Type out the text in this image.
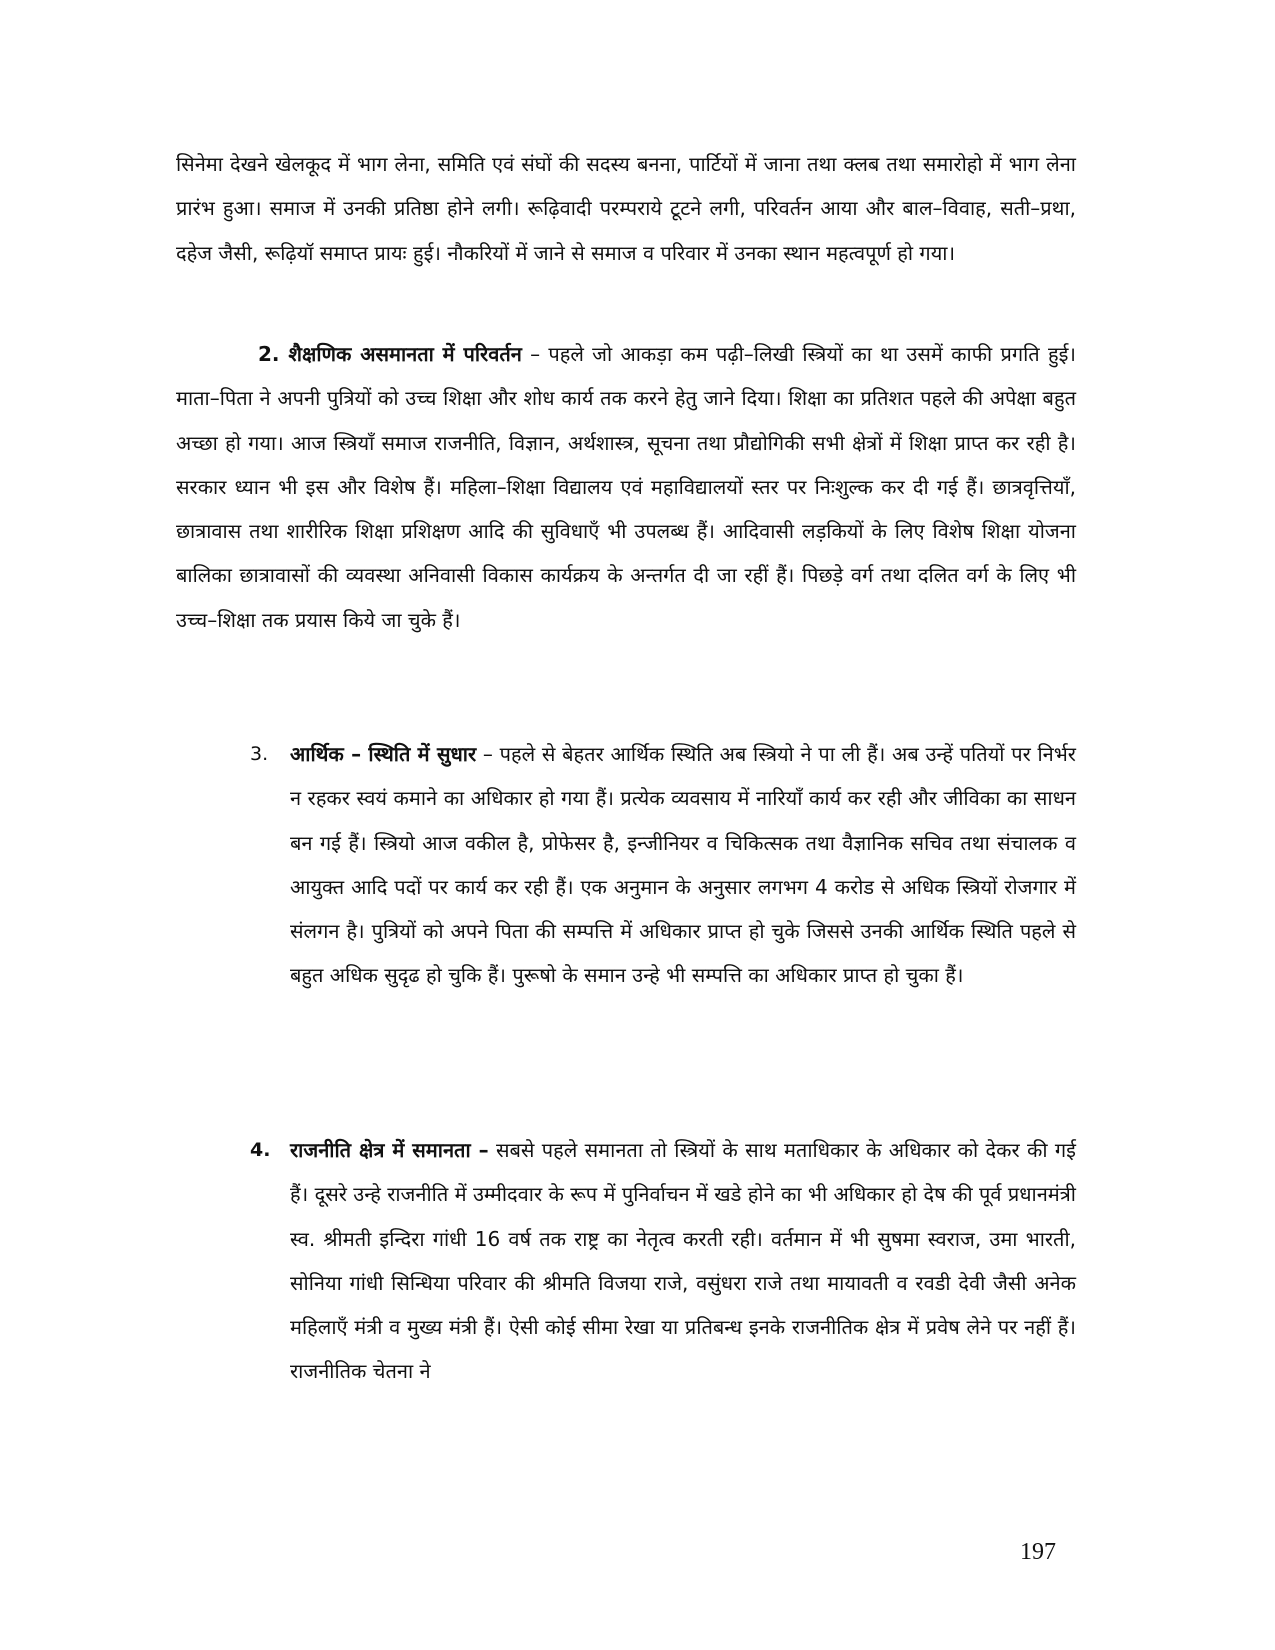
सिनेमा देखने खेलकूद में भाग लेना, समिति एवं संघों की सदस्य बनना, पार्टियों में जाना तथा क्लब तथा समारोहो में भाग लेना प्रारंभ हुआ। समाज में उनकी प्रतिष्ठा होने लगी। रूढ़िवादी परम्पराये टूटने लगी, परिवर्तन आया और बाल–विवाह, सती–प्रथा, दहेज जैसी, रूढ़ियॉ समाप्त प्रायः हुई। नौकरियों में जाने से समाज व परिवार में उनका स्थान महत्वपूर्ण हो गया।

2. शैक्षणिक असमानता में परिवर्तन – पहले जो आकड़ा कम पढ़ी–लिखी स्त्रियों का था उसमें काफी प्रगति हुई। माता–पिता ने अपनी पुत्रियों को उच्च शिक्षा और शोध कार्य तक करने हेतु जाने दिया। शिक्षा का प्रतिशत पहले की अपेक्षा बहुत अच्छा हो गया। आज स्त्रियॉं समाज राजनीति, विज्ञान, अर्थशास्त्र, सूचना तथा प्रौद्योगिकी सभी क्षेत्रों में शिक्षा प्राप्त कर रही है। सरकार ध्यान भी इस और विशेष हैं। महिला–शिक्षा विद्यालय एवं महाविद्यालयों स्तर पर निःशुल्क कर दी गई हैं। छात्रवृत्तियॉं, छात्रावास तथा शारीरिक शिक्षा प्रशिक्षण आदि की सुविधाएँ भी उपलब्ध हैं। आदिवासी लड़कियों के लिए विशेष शिक्षा योजना बालिका छात्रावासों की व्यवस्था अनिवासी विकास कार्यक्रय के अन्तर्गत दी जा रहीं हैं। पिछड़े वर्ग तथा दलित वर्ग के लिए भी उच्च–शिक्षा तक प्रयास किये जा चुके हैं।

3. आर्थिक – स्थिति में सुधार – पहले से बेहतर आर्थिक स्थिति अब स्त्रियो ने पा ली हैं। अब उन्हें पतियों पर निर्भर न रहकर स्वयं कमाने का अधिकार हो गया हैं। प्रत्येक व्यवसाय में नारियॉं कार्य कर रही और जीविका का साधन बन गई हैं। स्त्रियो आज वकील है, प्रोफेसर है, इन्जीनियर व चिकित्सक तथा वैज्ञानिक सचिव तथा संचालक व आयुक्त आदि पदों पर कार्य कर रही हैं। एक अनुमान के अनुसार लगभग 4 करोड से अधिक स्त्रियों रोजगार में संलगन है। पुत्रियों को अपने पिता की सम्पत्ति में अधिकार प्राप्त हो चुके जिससे उनकी आर्थिक स्थिति पहले से बहुत अधिक सुदृढ हो चुकि हैं। पुरूषो के समान उन्हे भी सम्पत्ति का अधिकार प्राप्त हो चुका हैं।

4. राजनीति क्षेत्र में समानता – सबसे पहले समानता तो स्त्रियों के साथ मताधिकार के अधिकार को देकर की गई हैं। दूसरे उन्हे राजनीति में उम्मीदवार के रूप में पुनिर्वाचन में खडे होने का भी अधिकार हो देष की पूर्व प्रधानमंत्री स्व. श्रीमती इन्दिरा गांधी 16 वर्ष तक राष्ट्र का नेतृत्व करती रही। वर्तमान में भी सुषमा स्वराज, उमा भारती, सोनिया गांधी सिन्धिया परिवार की श्रीमति विजया राजे, वसुंधरा राजे तथा मायावती व रवडी देवी जैसी अनेक महिलाऍं मंत्री व मुख्य मंत्री हैं। ऐसी कोई सीमा रेखा या प्रतिबन्ध इनके राजनीतिक क्षेत्र में प्रवेष लेने पर नहीं हैं। राजनीतिक चेतना ने

197
